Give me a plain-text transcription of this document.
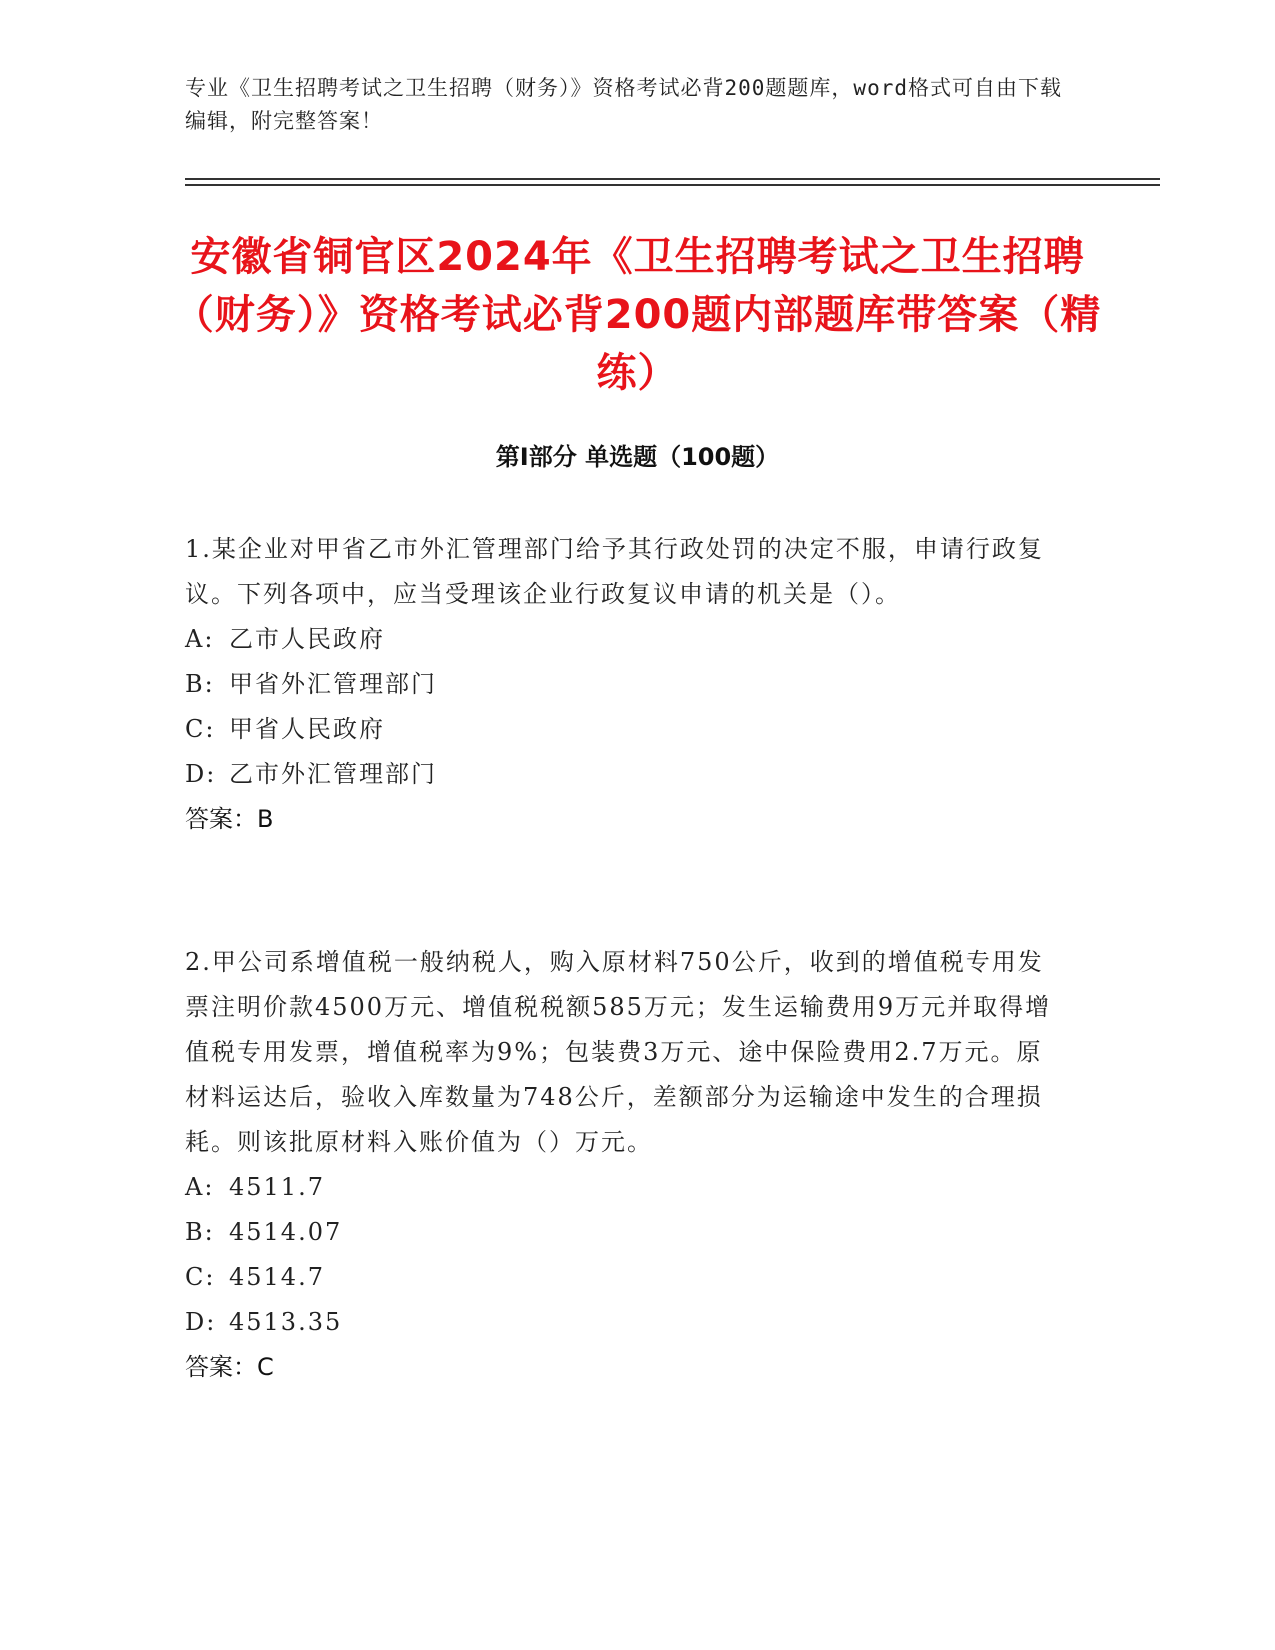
专业《卫生招聘考试之卫生招聘（财务）》资格考试必背200题题库，word格式可自由下载编辑，附完整答案！
安徽省铜官区2024年《卫生招聘考试之卫生招聘（财务）》资格考试必背200题内部题库带答案（精练）
第Ⅰ部分 单选题（100题）

1.某企业对甲省乙市外汇管理部门给予其行政处罚的决定不服，申请行政复议。下列各项中，应当受理该企业行政复议申请的机关是（）。

A: 乙市人民政府

B: 甲省外汇管理部门

C: 甲省人民政府

D: 乙市外汇管理部门

答案：B

2.甲公司系增值税一般纳税人，购入原材料750公斤，收到的增值税专用发票注明价款4500万元、增值税税额585万元；发生运输费用9万元并取得增值税专用发票，增值税率为9%；包装费3万元、途中保险费用2.7万元。原材料运达后，验收入库数量为748公斤，差额部分为运输途中发生的合理损耗。则该批原材料入账价值为（）万元。

A: 4511.7

B: 4514.07

C: 4514.7

D: 4513.35

答案：C
